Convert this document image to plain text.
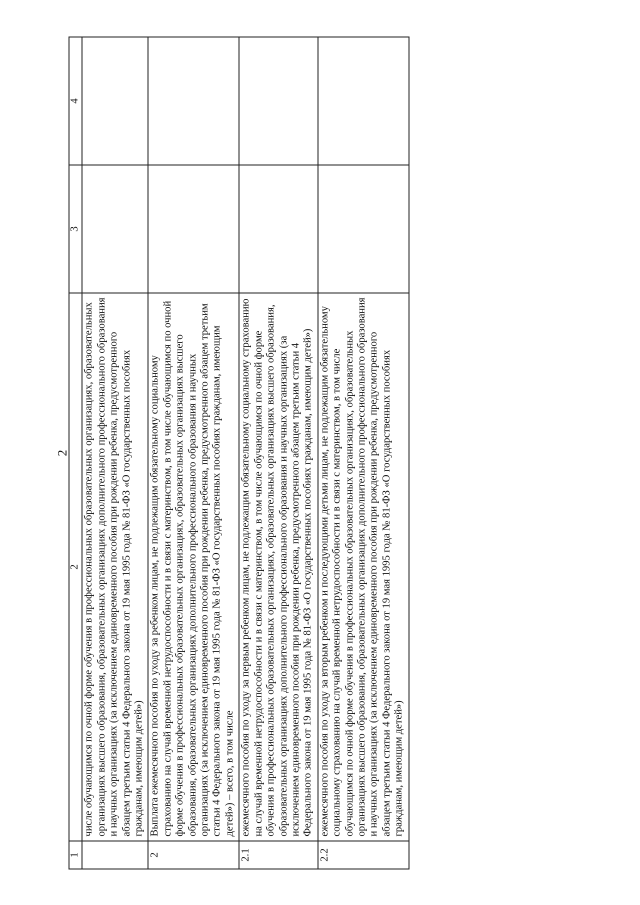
2
1	2	3	4
	числе обучающимся по очной форме обучения в профессиональных образовательных организациях, образовательных организациях высшего образования, образовательных организациях дополнительного профессионального образования и научных организациях (за исключением единовременного пособия при рождении ребенка, предусмотренного абзацем третьим статьи 4 Федерального закона от 19 мая 1995 года № 81-ФЗ «О государственных пособиях гражданам, имеющим детей»)		
2	Выплата ежемесячного пособия по уходу за ребенком лицам, не подлежащим обязательному социальному страхованию на случай временной нетрудоспособности и в связи с материнством, в том числе обучающимся по очной форме обучения в профессиональных образовательных организациях, образовательных организациях высшего образования, образовательных организациях дополнительного профессионального образования и научных организациях (за исключением единовременного пособия при рождении ребенка, предусмотренного абзацем третьим статьи 4 Федерального закона от 19 мая 1995 года № 81-ФЗ «О государственных пособиях гражданам, имеющим детей») – всего, в том числе		
2.1	ежемесячного пособия по уходу за первым ребенком лицам, не подлежащим обязательному социальному страхованию на случай временной нетрудоспособности и в связи с материнством, в том числе обучающимся по очной форме обучения в профессиональных образовательных организациях, образовательных организациях высшего образования, образовательных организациях дополнительного профессионального образования и научных организациях (за исключением единовременного пособия при рождении ребенка, предусмотренного абзацем третьим статьи 4 Федерального закона от 19 мая 1995 года № 81-ФЗ «О государственных пособиях гражданам, имеющим детей»)		
2.2	ежемесячного пособия по уходу за вторым ребенком и последующими детьми лицам, не подлежащим обязательному социальному страхованию на случай временной нетрудоспособности и в связи с материнством, в том числе обучающимся по очной форме обучения в профессиональных образовательных организациях, образовательных организациях высшего образования, образовательных организациях дополнительного профессионального образования и научных организациях (за исключением единовременного пособия при рождении ребенка, предусмотренного абзацем третьим статьи 4 Федерального закона от 19 мая 1995 года № 81-ФЗ «О государственных пособиях гражданам, имеющим детей»)		
